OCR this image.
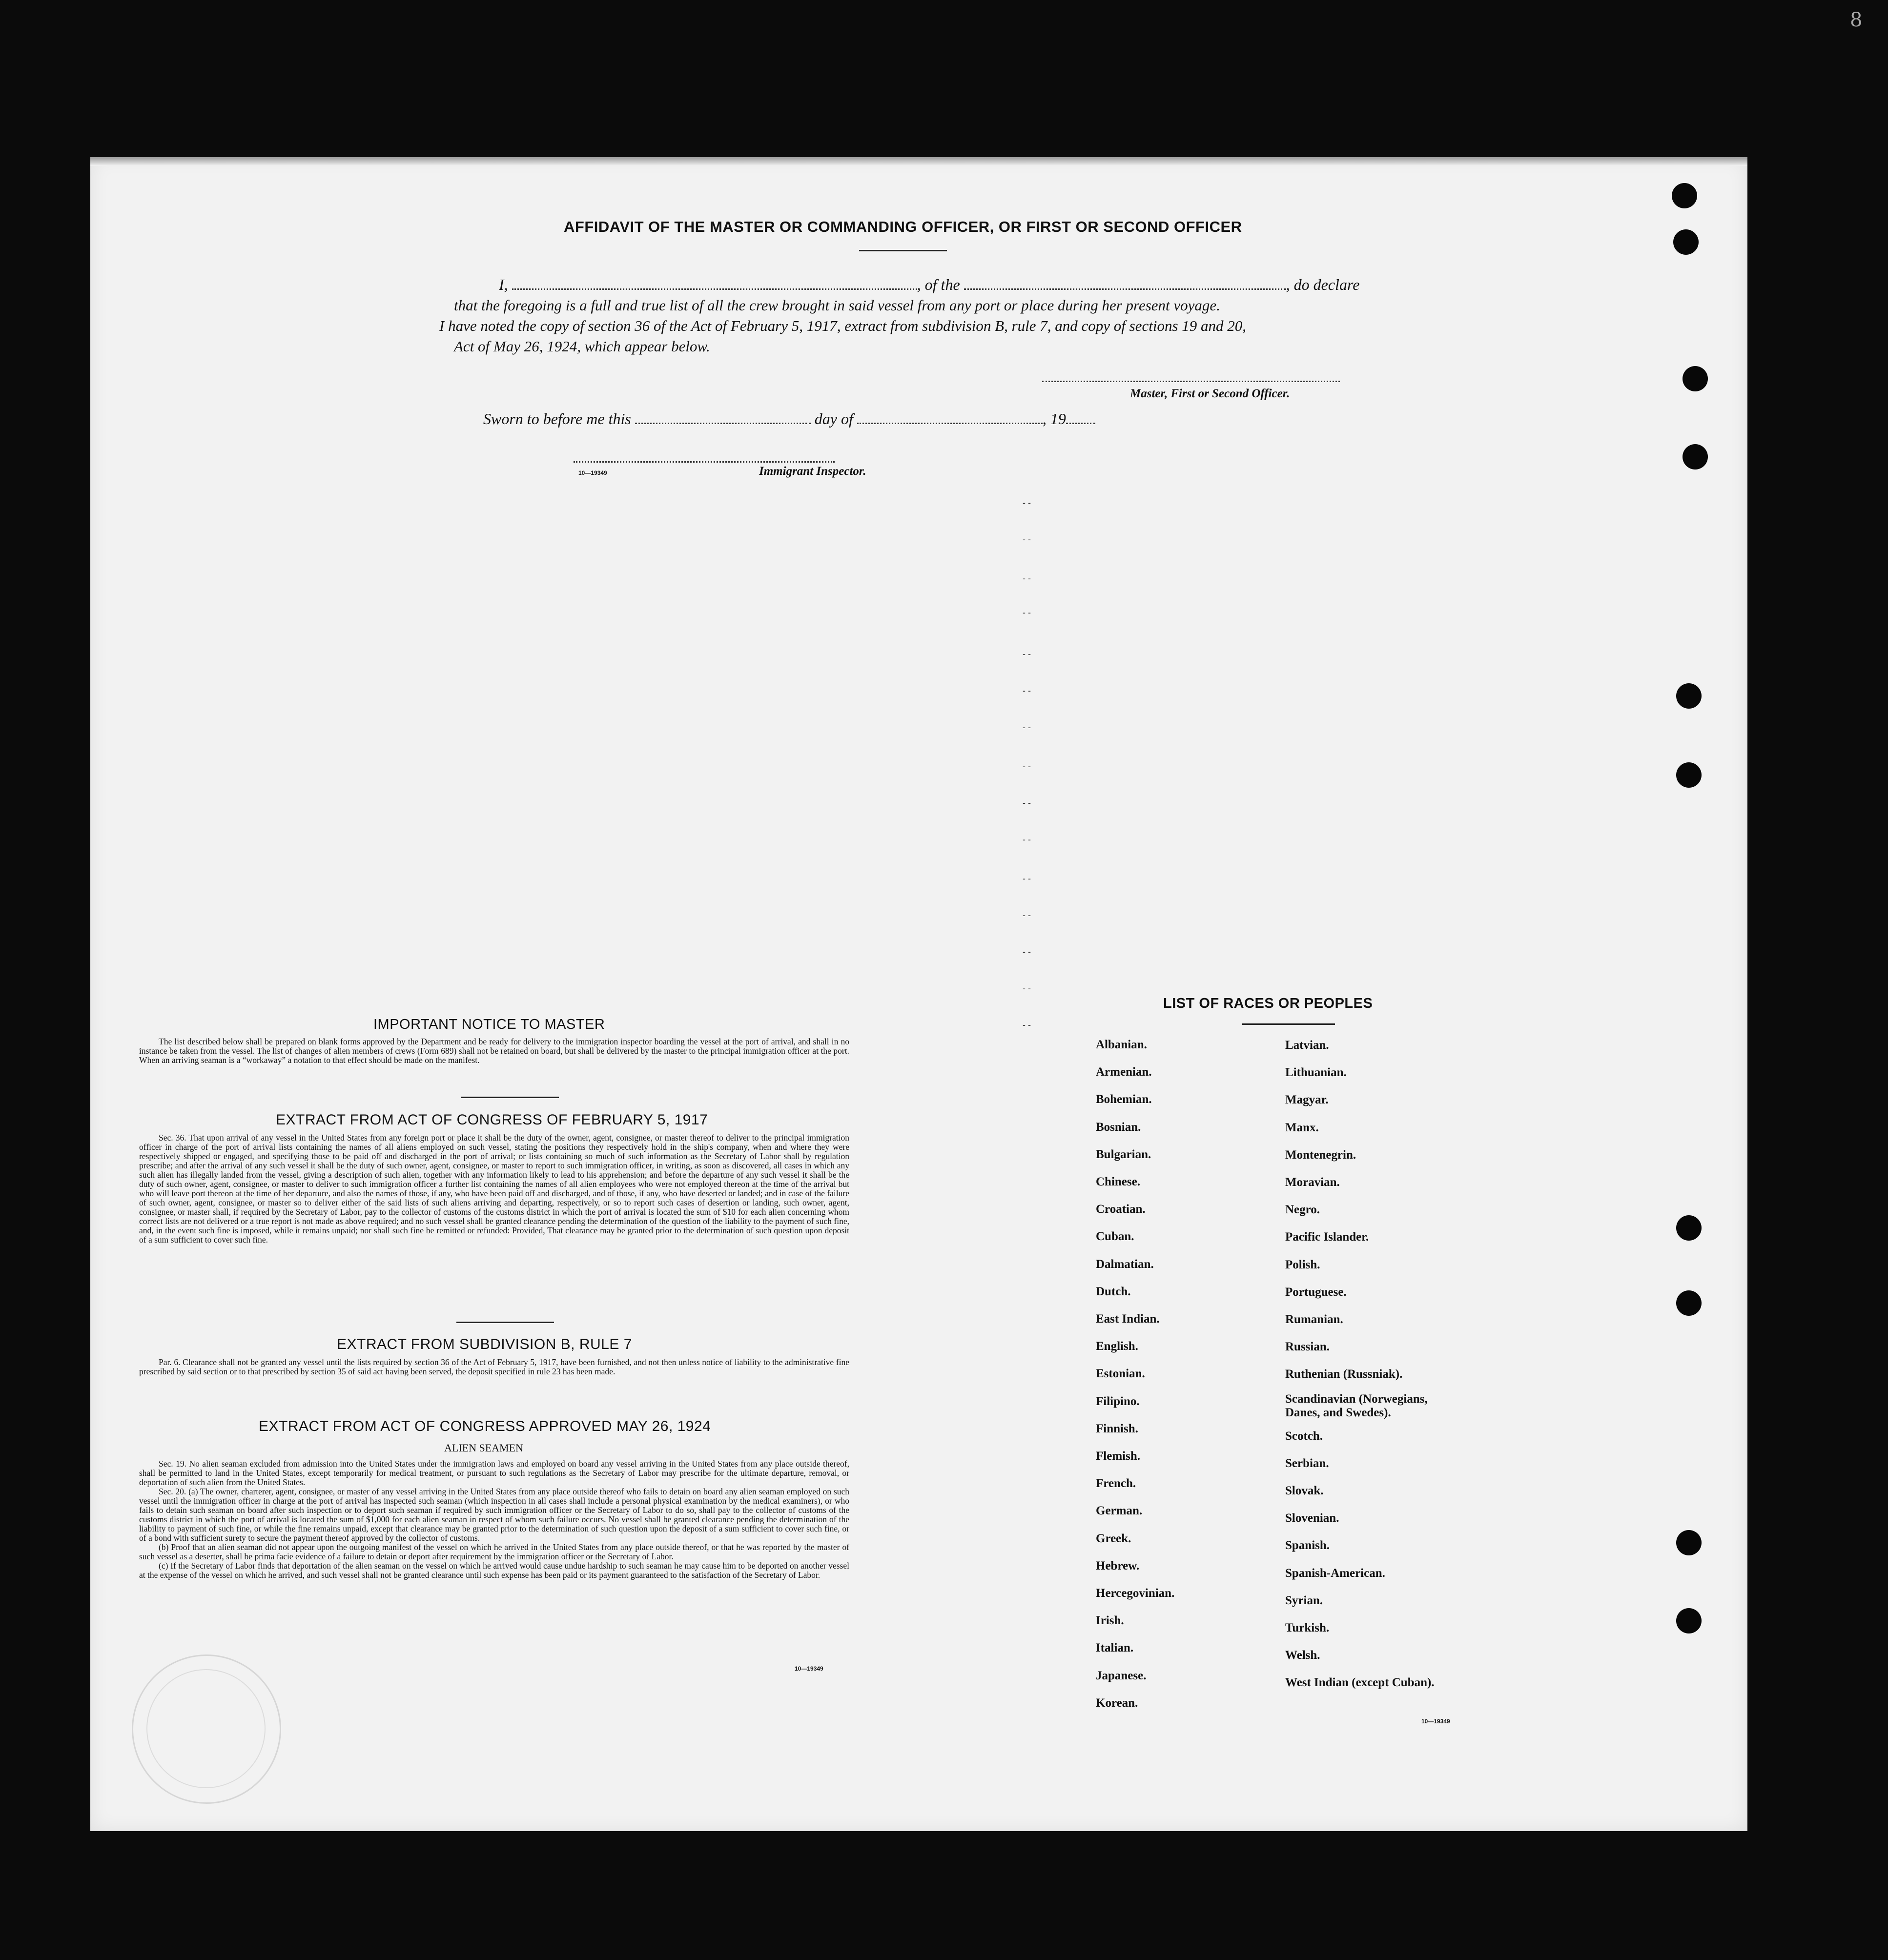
8
AFFIDAVIT OF THE MASTER OR COMMANDING OFFICER, OR FIRST OR SECOND OFFICER
I,	, of the	, do declare
that the foregoing is a full and true list of all the crew brought in said vessel from any port or place during her present voyage.
I have noted the copy of section 36 of the Act of February 5, 1917, extract from subdivision B, rule 7, and copy of sections 19 and 20,
Act of May 26, 1924, which appear below.
Master, First or Second Officer.
Sworn to before me this	day of	, 19
10—19349	Immigrant Inspector.
- -
- -
- -
- -
- -
- -
- -
- -
- -
- -
- -
- -
- -
- -
- -
IMPORTANT NOTICE TO MASTER

The list described below shall be prepared on blank forms approved by the Department and be ready for delivery to the immigration inspector boarding the vessel at the port of arrival, and shall in no instance be taken from the vessel. The list of changes of alien members of crews (Form 689) shall not be retained on board, but shall be delivered by the master to the principal immigration officer at the port. When an arriving seaman is a “workaway” a notation to that effect should be made on the manifest.

EXTRACT FROM ACT OF CONGRESS OF FEBRUARY 5, 1917

Sec. 36. That upon arrival of any vessel in the United States from any foreign port or place it shall be the duty of the owner, agent, consignee, or master thereof to deliver to the principal immigration officer in charge of the port of arrival lists containing the names of all aliens employed on such vessel, stating the positions they respectively hold in the ship's company, when and where they were respectively shipped or engaged, and specifying those to be paid off and discharged in the port of arrival; or lists containing so much of such information as the Secretary of Labor shall by regulation prescribe; and after the arrival of any such vessel it shall be the duty of such owner, agent, consignee, or master to report to such immigration officer, in writing, as soon as discovered, all cases in which any such alien has illegally landed from the vessel, giving a description of such alien, together with any information likely to lead to his apprehension; and before the departure of any such vessel it shall be the duty of such owner, agent, consignee, or master to deliver to such immigration officer a further list containing the names of all alien employees who were not employed thereon at the time of the arrival but who will leave port thereon at the time of her departure, and also the names of those, if any, who have been paid off and discharged, and of those, if any, who have deserted or landed; and in case of the failure of such owner, agent, consignee, or master so to deliver either of the said lists of such aliens arriving and departing, respectively, or so to report such cases of desertion or landing, such owner, agent, consignee, or master shall, if required by the Secretary of Labor, pay to the collector of customs of the customs district in which the port of arrival is located the sum of $10 for each alien concerning whom correct lists are not delivered or a true report is not made as above required; and no such vessel shall be granted clearance pending the determination of the question of the liability to the payment of such fine, and, in the event such fine is imposed, while it remains unpaid; nor shall such fine be remitted or refunded: Provided, That clearance may be granted prior to the determination of such question upon deposit of a sum sufficient to cover such fine.

EXTRACT FROM SUBDIVISION B, RULE 7

Par. 6. Clearance shall not be granted any vessel until the lists required by section 36 of the Act of February 5, 1917, have been furnished, and not then unless notice of liability to the administrative fine prescribed by said section or to that prescribed by section 35 of said act having been served, the deposit specified in rule 23 has been made.

EXTRACT FROM ACT OF CONGRESS APPROVED MAY 26, 1924
ALIEN SEAMEN

Sec. 19. No alien seaman excluded from admission into the United States under the immigration laws and employed on board any vessel arriving in the United States from any place outside thereof, shall be permitted to land in the United States, except temporarily for medical treatment, or pursuant to such regulations as the Secretary of Labor may prescribe for the ultimate departure, removal, or deportation of such alien from the United States.

Sec. 20. (a) The owner, charterer, agent, consignee, or master of any vessel arriving in the United States from any place outside thereof who fails to detain on board any alien seaman employed on such vessel until the immigration officer in charge at the port of arrival has inspected such seaman (which inspection in all cases shall include a personal physical examination by the medical examiners), or who fails to detain such seaman on board after such inspection or to deport such seaman if required by such immigration officer or the Secretary of Labor to do so, shall pay to the collector of customs of the customs district in which the port of arrival is located the sum of $1,000 for each alien seaman in respect of whom such failure occurs. No vessel shall be granted clearance pending the determination of the liability to payment of such fine, or while the fine remains unpaid, except that clearance may be granted prior to the determination of such question upon the deposit of a sum sufficient to cover such fine, or of a bond with sufficient surety to secure the payment thereof approved by the collector of customs.

(b) Proof that an alien seaman did not appear upon the outgoing manifest of the vessel on which he arrived in the United States from any place outside thereof, or that he was reported by the master of such vessel as a deserter, shall be prima facie evidence of a failure to detain or deport after requirement by the immigration officer or the Secretary of Labor.

(c) If the Secretary of Labor finds that deportation of the alien seaman on the vessel on which he arrived would cause undue hardship to such seaman he may cause him to be deported on another vessel at the expense of the vessel on which he arrived, and such vessel shall not be granted clearance until such expense has been paid or its payment guaranteed to the satisfaction of the Secretary of Labor.

10—19349
LIST OF RACES OR PEOPLES
Albanian.
Armenian.
Bohemian.
Bosnian.
Bulgarian.
Chinese.
Croatian.
Cuban.
Dalmatian.
Dutch.
East Indian.
English.
Estonian.
Filipino.
Finnish.
Flemish.
French.
German.
Greek.
Hebrew.
Hercegovinian.
Irish.
Italian.
Japanese.
Korean.
Latvian.
Lithuanian.
Magyar.
Manx.
Montenegrin.
Moravian.
Negro.
Pacific Islander.
Polish.
Portuguese.
Rumanian.
Russian.
Ruthenian (Russniak).
Scandinavian (Norwegians, Danes, and Swedes).
Scotch.
Serbian.
Slovak.
Slovenian.
Spanish.
Spanish-American.
Syrian.
Turkish.
Welsh.
West Indian (except Cuban).
10—19349
